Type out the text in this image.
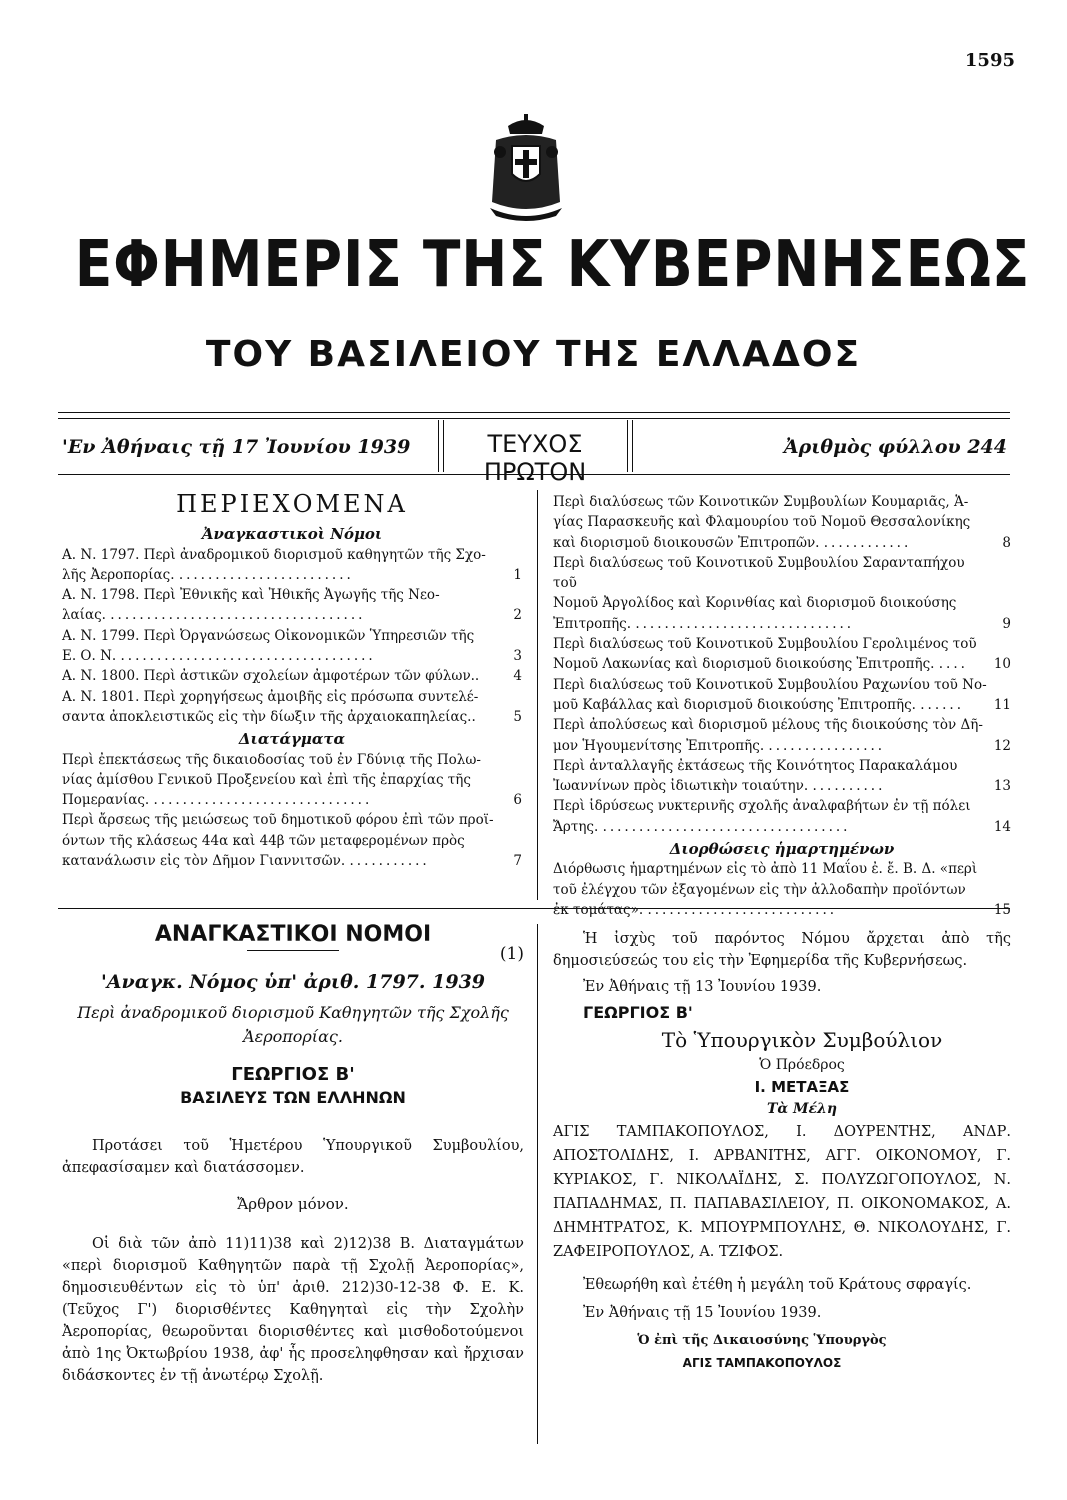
1595
ΕΦΗΜΕΡΙΣ ΤΗΣ ΚΥΒΕΡΝΗΣΕΩΣ
ΤΟΥ ΒΑΣΙΛΕΙΟΥ ΤΗΣ ΕΛΛΑΔΟΣ
'Εν Ἀθήναις τῇ 17 Ἰουνίου 1939	ΤΕΥΧΟΣ ΠΡΩΤΟΝ
Ἀριθμὸς φύλλου 244
ΠΕΡΙΕΧΟΜΕΝΑ
Ἀναγκαστικοὶ Νόμοι
Α. Ν. 1797. Περὶ ἀναδρομικοῦ διορισμοῦ καθηγητῶν τῆς Σχο-
λῆς Ἀεροπορίας. ........................	1
Α. Ν. 1798. Περὶ Ἐθνικῆς καὶ Ἠθικῆς Ἀγωγῆς τῆς Νεο-
λαίας. ...................................	2
Α. Ν. 1799. Περὶ Ὀργανώσεως Οἰκονομικῶν Ὑπηρεσιῶν τῆς
Ε. Ο. Ν. ...................................	3
Α. Ν. 1800. Περὶ ἀστικῶν σχολείων ἀμφοτέρων τῶν φύλων..	4
Α. Ν. 1801. Περὶ χορηγήσεως ἀμοιβῆς εἰς πρόσωπα συντελέ-
σαντα ἀποκλειστικῶς εἰς τὴν δίωξιν τῆς ἀρχαιοκαπηλείας..	5
Διατάγματα
Περὶ ἐπεκτάσεως τῆς δικαιοδοσίας τοῦ ἐν Γδύνιᾳ τῆς Πολω-
νίας ἀμίσθου Γενικοῦ Προξενείου καὶ ἐπὶ τῆς ἐπαρχίας τῆς
Πομερανίας. ..............................	6
Περὶ ἄρσεως τῆς μειώσεως τοῦ δημοτικοῦ φόρου ἐπὶ τῶν προϊ-
όντων τῆς κλάσεως 44α καὶ 44β τῶν μεταφερομένων πρὸς
κατανάλωσιν εἰς τὸν Δῆμον Γιαννιτσῶν. ...........	7
Περὶ διαλύσεως τῶν Κοινοτικῶν Συμβουλίων Κουμαριᾶς, Ἁ-
γίας Παρασκευῆς καὶ Φλαμουρίου τοῦ Νομοῦ Θεσσαλονίκης
καὶ διορισμοῦ διοικουσῶν Ἐπιτροπῶν. ............	8
Περὶ διαλύσεως τοῦ Κοινοτικοῦ Συμβουλίου Σαρανταπήχου τοῦ
Νομοῦ Ἀργολίδος καὶ Κορινθίας καὶ διορισμοῦ διοικούσης
Ἐπιτροπῆς. ..............................	9
Περὶ διαλύσεως τοῦ Κοινοτικοῦ Συμβουλίου Γερολιμένος τοῦ
Νομοῦ Λακωνίας καὶ διορισμοῦ διοικούσης Ἐπιτροπῆς. ....	10
Περὶ διαλύσεως τοῦ Κοινοτικοῦ Συμβουλίου Ραχωνίου τοῦ Νο-
μοῦ Καβάλλας καὶ διορισμοῦ διοικούσης Ἐπιτροπῆς. ......	11
Περὶ ἀπολύσεως καὶ διορισμοῦ μέλους τῆς διοικούσης τὸν Δῆ-
μον Ἡγουμενίτσης Ἐπιτροπῆς. ................	12
Περὶ ἀνταλλαγῆς ἐκτάσεως τῆς Κοινότητος Παρακαλάμου
Ἰωαννίνων πρὸς ἰδιωτικὴν τοιαύτην. ..........	13
Περὶ ἱδρύσεως νυκτερινῆς σχολῆς ἀναλφαβήτων ἐν τῇ πόλει
Ἄρτης. ..................................	14
Διορθώσεις ἡμαρτημένων
Διόρθωσις ἡμαρτημένων εἰς τὸ ἀπὸ 11 Μαΐου ἐ. ἔ. Β. Δ. «περὶ
τοῦ ἐλέγχου τῶν ἐξαγομένων εἰς τὴν ἀλλοδαπὴν προϊόντων
ἐκ τομάτας». ..........................	15
ΑΝΑΓΚΑΣΤΙΚΟΙ ΝΟΜΟΙ
(1)
'Αναγκ. Νόμος ὑπ' ἀριθ. 1797. 1939
Περὶ ἀναδρομικοῦ διορισμοῦ Καθηγητῶν τῆς Σχολῆς
Ἀεροπορίας.
ΓΕΩΡΓΙΟΣ Β'
ΒΑΣΙΛΕΥΣ ΤΩΝ ΕΛΛΗΝΩΝ

Προτάσει τοῦ Ἡμετέρου Ὑπουργικοῦ Συμβουλίου, ἀπεφασίσαμεν καὶ διατάσσομεν.

Ἄρθρον μόνον.

Οἱ διὰ τῶν ἀπὸ 11)11)38 καὶ 2)12)38 Β. Διαταγμάτων «περὶ διορισμοῦ Καθηγητῶν παρὰ τῇ Σχολῇ Ἀεροπορίας», δημοσιευθέντων εἰς τὸ ὑπ' ἀριθ. 212)30-12-38 Φ. Ε. Κ. (Τεῦχος Γ') διορισθέντες Καθηγηταὶ εἰς τὴν Σχολὴν Ἀεροπορίας, θεωροῦνται διορισθέντες καὶ μισθοδοτούμενοι ἀπὸ 1ης Ὀκτωβρίου 1938, ἀφ' ἧς προσεληφθησαν καὶ ἤρχισαν διδάσκοντες ἐν τῇ ἀνωτέρῳ Σχολῇ.

Ἡ ἰσχὺς τοῦ παρόντος Νόμου ἄρχεται ἀπὸ τῆς δημοσιεύσεώς του εἰς τὴν Ἐφημερίδα τῆς Κυβερνήσεως.

Ἐν Ἀθήναις τῇ 13 Ἰουνίου 1939.
ΓΕΩΡΓΙΟΣ Β'
Τὸ Ὑπουργικὸν Συμβούλιον
Ὁ Πρόεδρος
Ι. ΜΕΤΑΞΑΣ
Τὰ Μέλη

ΑΓΙΣ ΤΑΜΠΑΚΟΠΟΥΛΟΣ, Ι. ΔΟΥΡΕΝΤΗΣ, ΑΝΔΡ. ΑΠΟΣΤΟΛΙΔΗΣ, Ι. ΑΡΒΑΝΙΤΗΣ, ΑΓΓ. ΟΙΚΟΝΟΜΟΥ, Γ. ΚΥΡΙΑΚΟΣ, Γ. ΝΙΚΟΛΑΪΔΗΣ, Σ. ΠΟΛΥΖΩΓΟΠΟΥΛΟΣ, Ν. ΠΑΠΑΔΗΜΑΣ, Π. ΠΑΠΑΒΑΣΙΛΕΙΟΥ, Π. ΟΙΚΟΝΟΜΑΚΟΣ, Α. ΔΗΜΗΤΡΑΤΟΣ, Κ. ΜΠΟΥΡΜΠΟΥΛΗΣ, Θ. ΝΙΚΟΛΟΥΔΗΣ, Γ. ΖΑΦΕΙΡΟΠΟΥΛΟΣ, Α. ΤΖΙΦΟΣ.

Ἐθεωρήθη καὶ ἐτέθη ἡ μεγάλη τοῦ Κράτους σφραγίς.
Ἐν Ἀθήναις τῇ 15 Ἰουνίου 1939.
Ὁ ἐπὶ τῆς Δικαιοσύνης Ὑπουργὸς
ΑΓΙΣ ΤΑΜΠΑΚΟΠΟΥΛΟΣ
